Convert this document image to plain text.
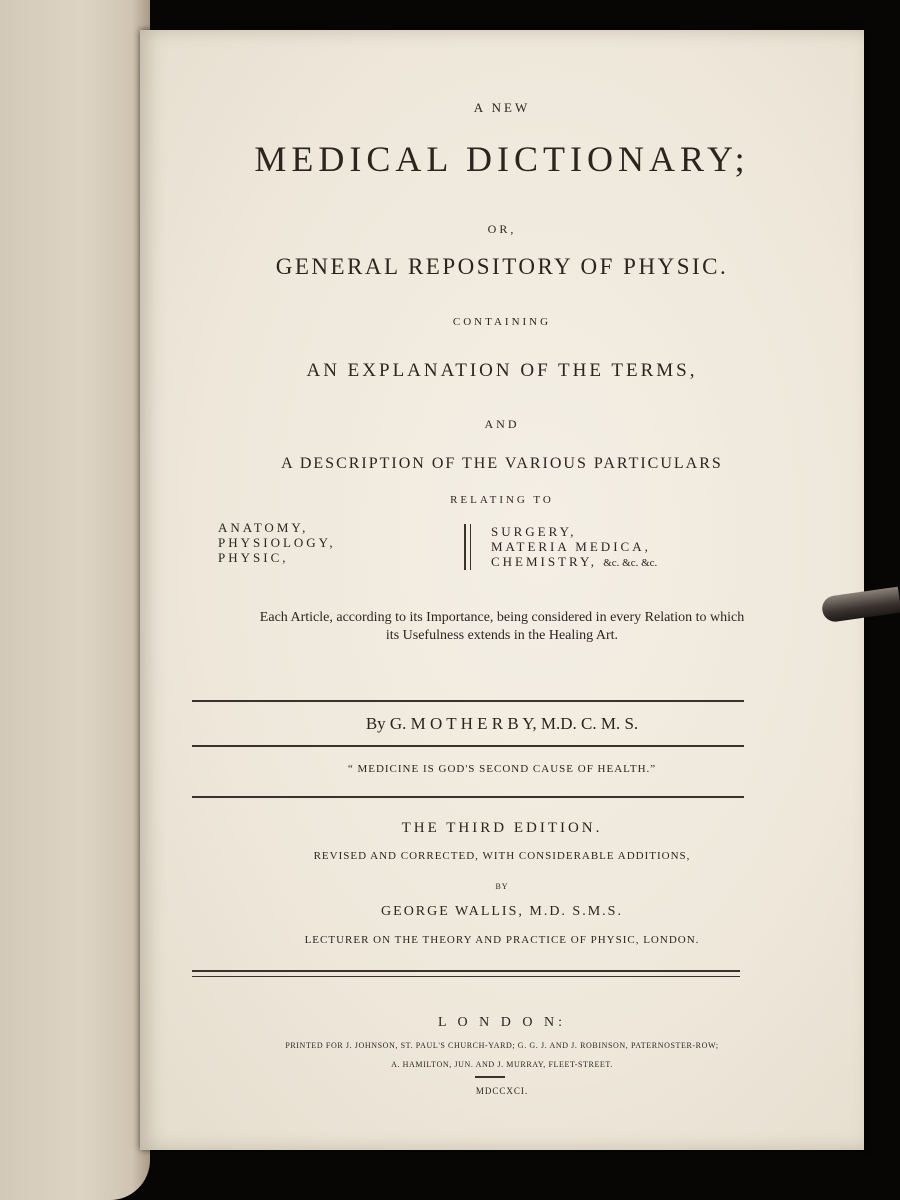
A NEW
MEDICAL DICTIONARY;
OR,
GENERAL REPOSITORY OF PHYSIC.
CONTAINING
AN EXPLANATION OF THE TERMS,
AND
A DESCRIPTION OF THE VARIOUS PARTICULARS
RELATING TO
ANATOMY,
PHYSIOLOGY,
PHYSIC,
SURGERY,
MATERIA MEDICA,
CHEMISTRY, &c. &c. &c.
Each Article, according to its Importance, being considered in every Relation to which
its Usefulness extends in the Healing Art.
By G. M O T H E R B Y, M.D. C. M. S.
“ MEDICINE IS GOD'S SECOND CAUSE OF HEALTH.”
THE THIRD EDITION.
REVISED AND CORRECTED, WITH CONSIDERABLE ADDITIONS,
BY
GEORGE WALLIS, M.D. S.M.S.
LECTURER ON THE THEORY AND PRACTICE OF PHYSIC, LONDON.
L O N D O N:
PRINTED FOR J. JOHNSON, ST. PAUL'S CHURCH-YARD; G. G. J. AND J. ROBINSON, PATERNOSTER-ROW;
A. HAMILTON, JUN. AND J. MURRAY, FLEET-STREET.
MDCCXCI.
